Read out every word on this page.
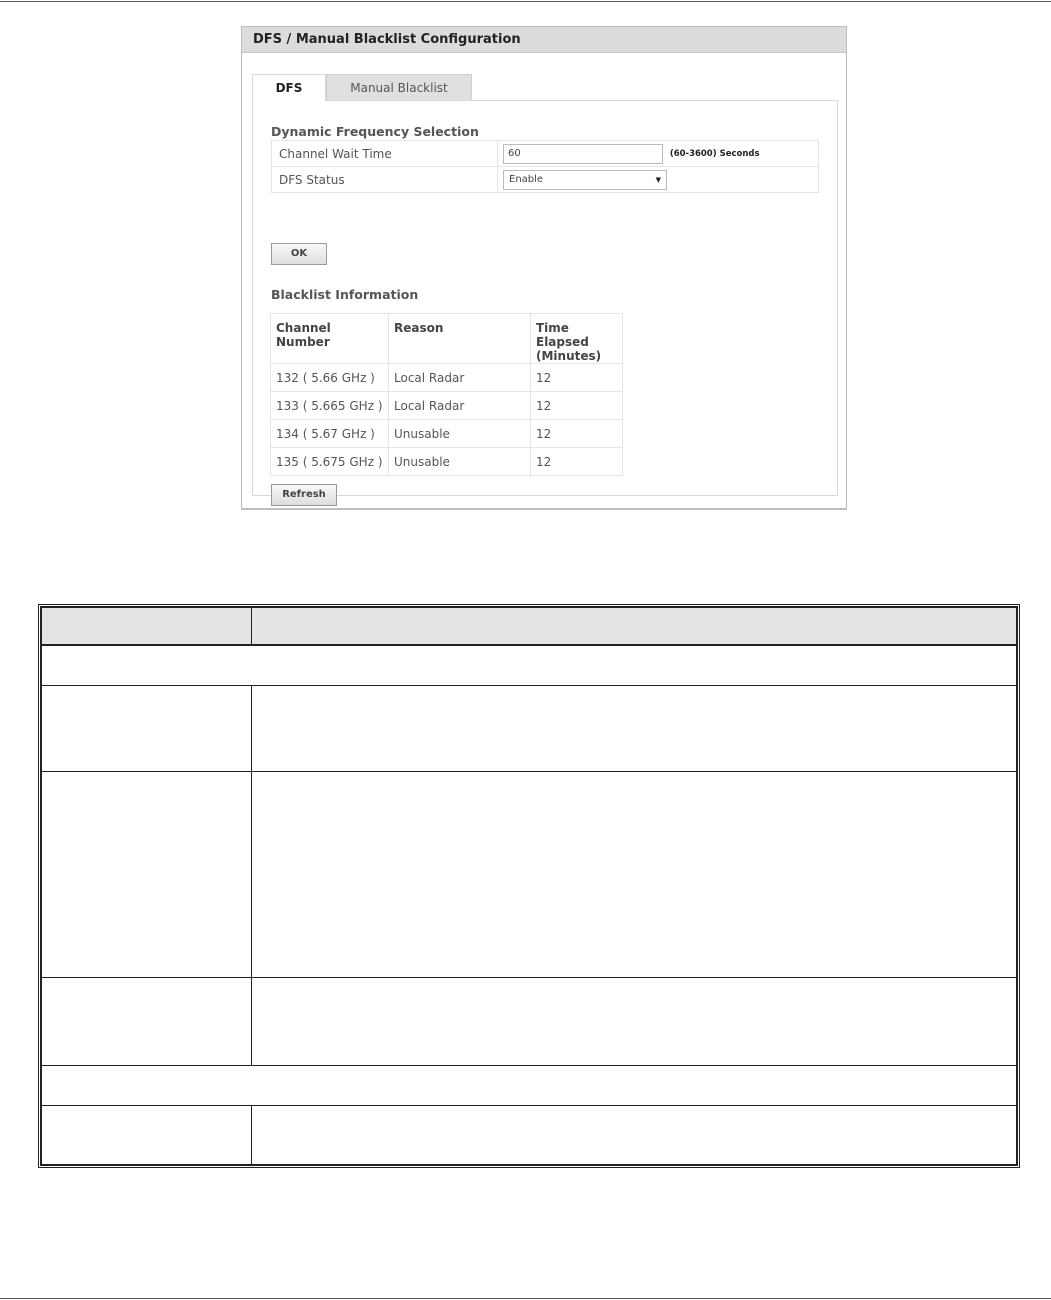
DFS / Manual Blacklist Configuration
DFS	Manual Blacklist
Dynamic Frequency Selection
Channel Wait Time	60(60-3600) Seconds
DFS Status	Enable ▼
OK
Blacklist Information
Channel Number	Reason	Time Elapsed
(Minutes)

132 ( 5.66 GHz )	Local Radar	12
133 ( 5.665 GHz )	Local Radar	12
134 ( 5.67 GHz )	Unusable	12
135 ( 5.675 GHz )	Unusable	12
Refresh
